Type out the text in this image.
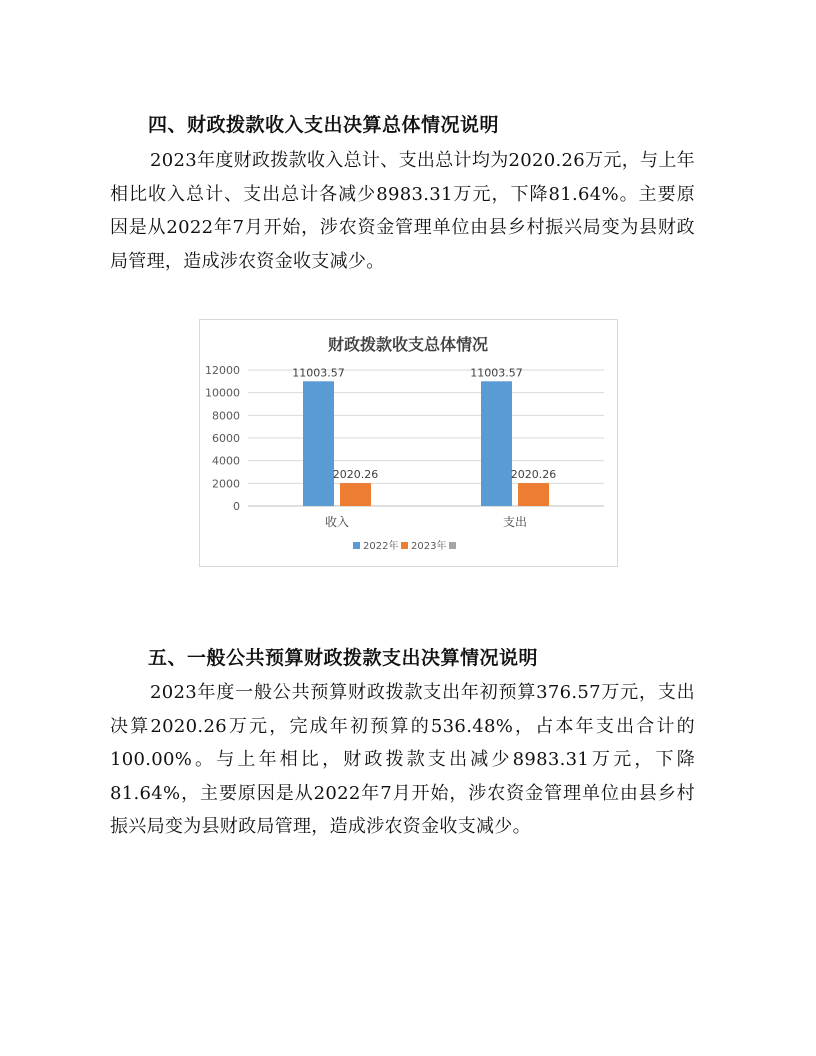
四、财政拨款收入支出决算总体情况说明

2023年度财政拨款收入总计、支出总计均为2020.26万元，与上年相比收入总计、支出总计各减少8983.31万元，下降81.64%。主要原因是从2022年7月开始，涉农资金管理单位由县乡村振兴局变为县财政局管理，造成涉农资金收支减少。

财政拨款收支总体情况
0
2000
4000
6000
8000
10000
12000	11003.57
2020.26
11003.57
2020.26
收入	支出
2022年 2023年
五、一般公共预算财政拨款支出决算情况说明

2023年度一般公共预算财政拨款支出年初预算376.57万元，支出决算2020.26万元，完成年初预算的536.48%，占本年支出合计的100.00%。与上年相比，财政拨款支出减少8983.31万元，下降81.64%，主要原因是从2022年7月开始，涉农资金管理单位由县乡村振兴局变为县财政局管理，造成涉农资金收支减少。
